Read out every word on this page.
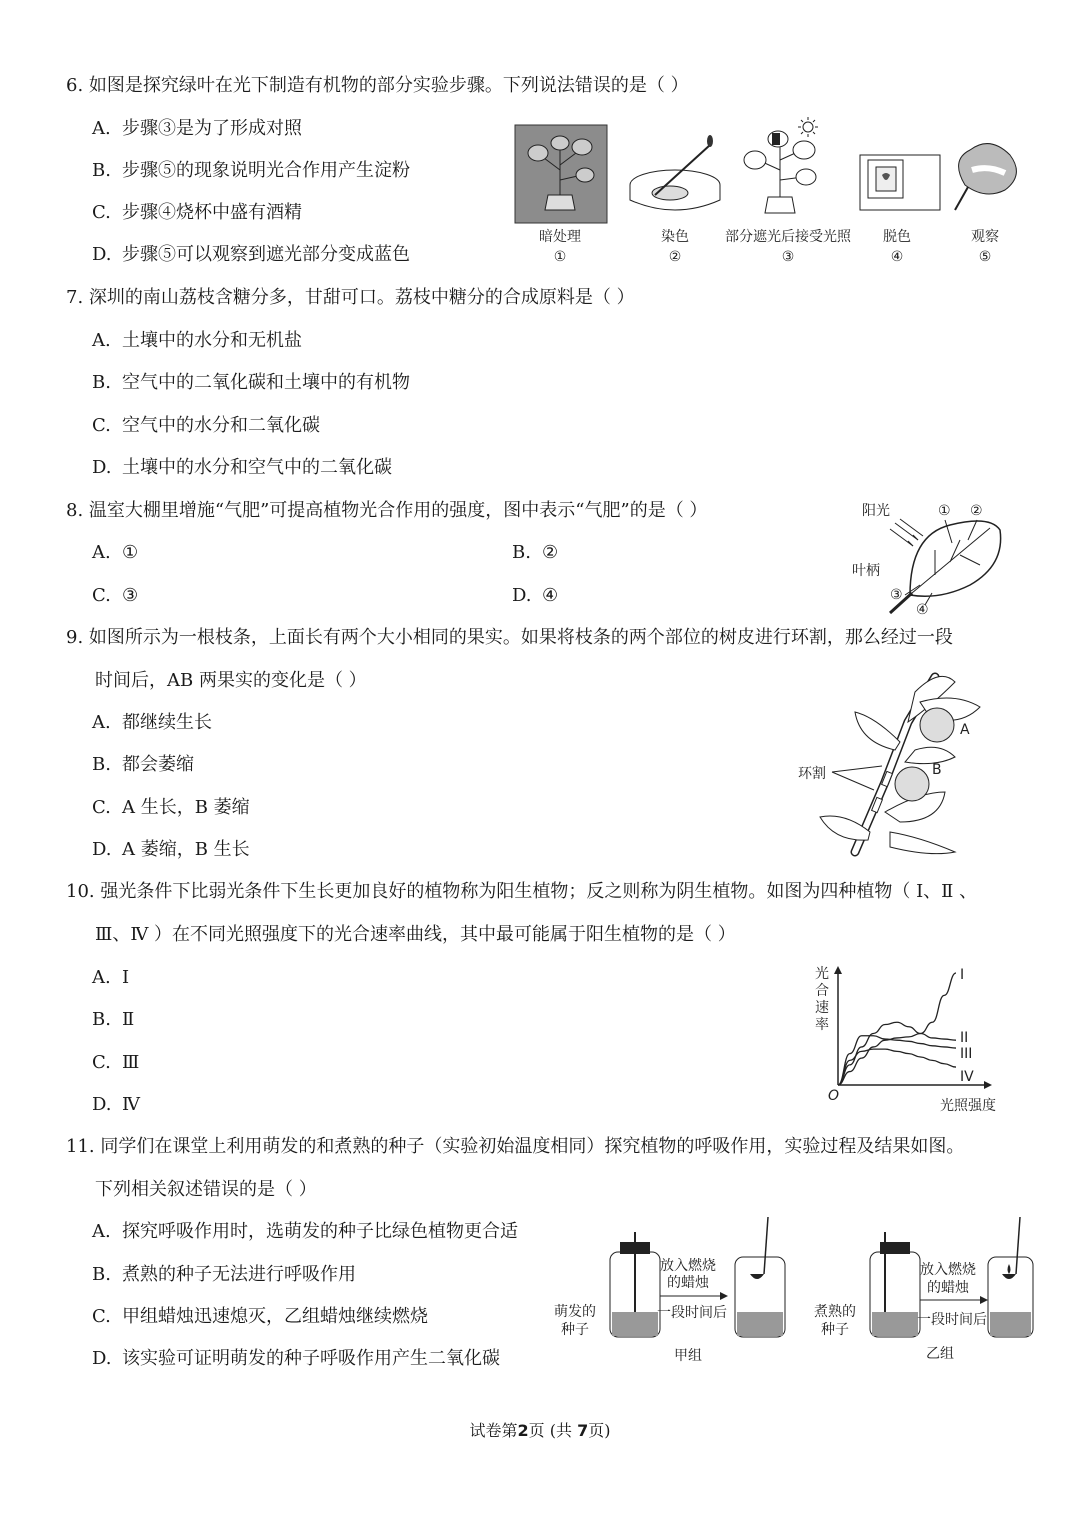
6. 如图是探究绿叶在光下制造有机物的部分实验步骤。下列说法错误的是（ ）
A. 步骤③是为了形成对照
B. 步骤⑤的现象说明光合作用产生淀粉
C. 步骤④烧杯中盛有酒精
D. 步骤⑤可以观察到遮光部分变成蓝色
暗处理
①
染色
②
部分遮光后接受光照
③
脱色
④
观察
⑤
7. 深圳的南山荔枝含糖分多，甘甜可口。荔枝中糖分的合成原料是（ ）
A. 土壤中的水分和无机盐
B. 空气中的二氧化碳和土壤中的有机物
C. 空气中的水分和二氧化碳
D. 土壤中的水分和空气中的二氧化碳
8. 温室大棚里增施“气肥”可提高植物光合作用的强度，图中表示“气肥”的是（ ）
A. ①	B. ②
C. ③	D. ④
阳光
叶柄
① ②
③
④
9. 如图所示为一根枝条，上面长有两个大小相同的果实。如果将枝条的两个部位的树皮进行环割，那么经过一段
时间后，AB 两果实的变化是（ ）
A. 都继续生长
B. 都会萎缩
C. A 生长，B 萎缩
D. A 萎缩，B 生长
A
B
环割
10. 强光条件下比弱光条件下生长更加良好的植物称为阳生植物；反之则称为阴生植物。如图为四种植物（ Ⅰ、Ⅱ 、
Ⅲ、Ⅳ ）在不同光照强度下的光合速率曲线，其中最可能属于阳生植物的是（ ）
A. Ⅰ
B. Ⅱ
C. Ⅲ
D. Ⅳ
光合速率
光照强度
O
I
II
III
IV
11. 同学们在课堂上利用萌发的和煮熟的种子（实验初始温度相同）探究植物的呼吸作用，实验过程及结果如图。
下列相关叙述错误的是（ ）
A. 探究呼吸作用时，选萌发的种子比绿色植物更合适
B. 煮熟的种子无法进行呼吸作用
C. 甲组蜡烛迅速熄灭，乙组蜡烛继续燃烧
D. 该实验可证明萌发的种子呼吸作用产生二氧化碳
萌发的
种子
放入燃烧
的蜡烛
一段时间后
甲组
煮熟的
种子
放入燃烧
的蜡烛
一段时间后
乙组
试卷第2页 (共 7页)
